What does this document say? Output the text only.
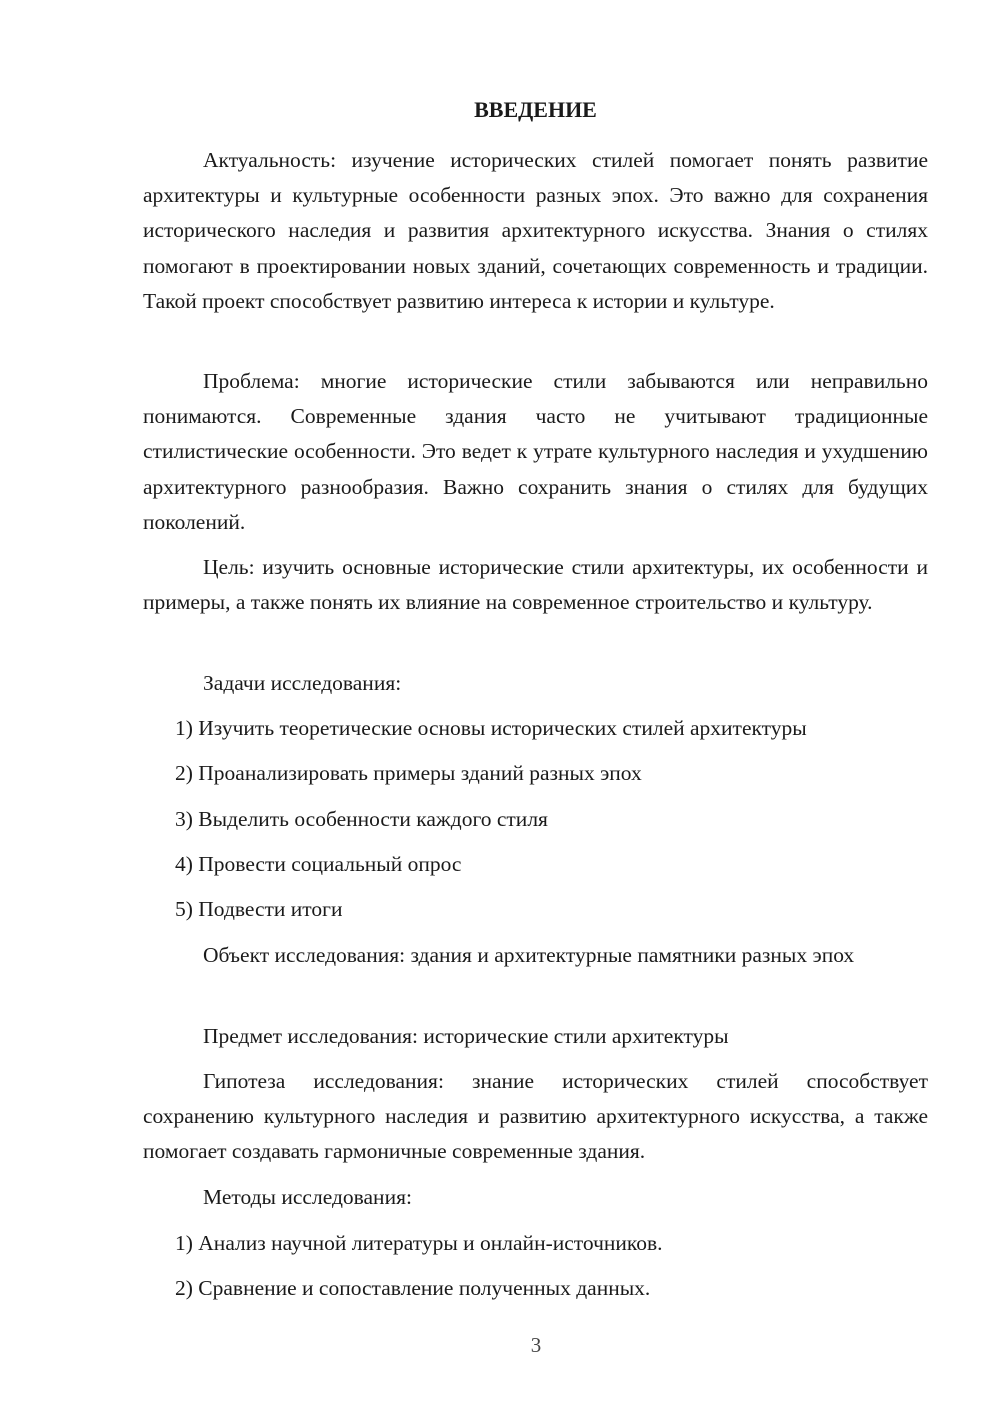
ВВЕДЕНИЕ

Актуальность: изучение исторических стилей помогает понять развитие архитектуры и культурные особенности разных эпох. Это важно для сохранения исторического наследия и развития архитектурного искусства. Знания о стилях помогают в проектировании новых зданий, сочетающих современность и традиции. Такой проект способствует развитию интереса к истории и культуре.

Проблема: многие исторические стили забываются или неправильно понимаются. Современные здания часто не учитывают традиционные стилистические особенности. Это ведет к утрате культурного наследия и ухудшению архитектурного разнообразия. Важно сохранить знания о стилях для будущих поколений.

Цель: изучить основные исторические стили архитектуры, их особенности и примеры, а также понять их влияние на современное строительство и культуру.

Задачи исследования:

1) Изучить теоретические основы исторических стилей архитектуры

2) Проанализировать примеры зданий разных эпох

3) Выделить особенности каждого стиля

4) Провести социальный опрос

5) Подвести итоги

Объект исследования: здания и архитектурные памятники разных эпох

Предмет исследования: исторические стили архитектуры

Гипотеза исследования: знание исторических стилей способствует сохранению культурного наследия и развитию архитектурного искусства, а также помогает создавать гармоничные современные здания.

Методы исследования:

1) Анализ научной литературы и онлайн-источников.

2) Сравнение и сопоставление полученных данных.

3
